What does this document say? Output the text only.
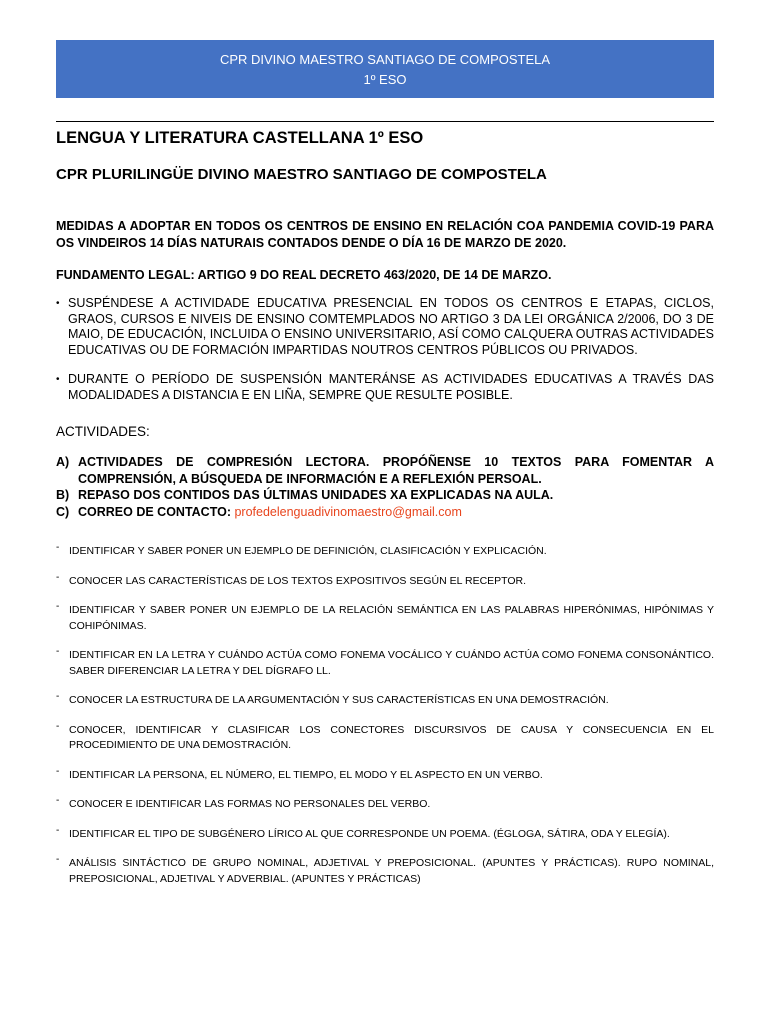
CPR DIVINO MAESTRO SANTIAGO DE COMPOSTELA
1º ESO
LENGUA Y LITERATURA CASTELLANA 1º ESO
CPR PLURILINGÜE DIVINO MAESTRO SANTIAGO DE COMPOSTELA

MEDIDAS A ADOPTAR EN TODOS OS CENTROS DE ENSINO EN RELACIÓN COA PANDEMIA COVID-19 PARA OS VINDEIROS 14 DÍAS NATURAIS CONTADOS DENDE O DÍA 16 DE MARZO DE 2020.

FUNDAMENTO LEGAL: ARTIGO 9 DO REAL DECRETO 463/2020, DE 14 DE MARZO.

• SUSPÉNDESE A ACTIVIDADE EDUCATIVA PRESENCIAL EN TODOS OS CENTROS E ETAPAS, CICLOS, GRAOS, CURSOS E NIVEIS DE ENSINO COMTEMPLADOS NO ARTIGO 3 DA LEI ORGÁNICA 2/2006, DO 3 DE MAIO, DE EDUCACIÓN, INCLUIDA O ENSINO UNIVERSITARIO, ASÍ COMO CALQUERA OUTRAS ACTIVIDADES EDUCATIVAS OU DE FORMACIÓN IMPARTIDAS NOUTROS CENTROS PÚBLICOS OU PRIVADOS.
• DURANTE O PERÍODO DE SUSPENSIÓN MANTERÁNSE AS ACTIVIDADES EDUCATIVAS A TRAVÉS DAS MODALIDADES A DISTANCIA E EN LIÑA, SEMPRE QUE RESULTE POSIBLE.
ACTIVIDADES:
A) ACTIVIDADES DE COMPRESIÓN LECTORA. PROPÓÑENSE 10 TEXTOS PARA FOMENTAR A COMPRENSIÓN, A BÚSQUEDA DE INFORMACIÓN E A REFLEXIÓN PERSOAL.
B) REPASO DOS CONTIDOS DAS ÚLTIMAS UNIDADES XA EXPLICADAS NA AULA.
C) CORREO DE CONTACTO: profedelenguadivinomaestro@gmail.com
- IDENTIFICAR Y SABER PONER UN EJEMPLO DE DEFINICIÓN, CLASIFICACIÓN Y EXPLICACIÓN.
- CONOCER LAS CARACTERÍSTICAS DE LOS TEXTOS EXPOSITIVOS SEGÚN EL RECEPTOR.
- IDENTIFICAR Y SABER PONER UN EJEMPLO DE LA RELACIÓN SEMÁNTICA EN LAS PALABRAS HIPERÓNIMAS, HIPÓNIMAS Y COHIPÓNIMAS.
- IDENTIFICAR EN LA LETRA Y CUÁNDO ACTÚA COMO FONEMA VOCÁLICO Y CUÁNDO ACTÚA COMO FONEMA CONSONÁNTICO. SABER DIFERENCIAR LA LETRA Y DEL DÍGRAFO LL.
- CONOCER LA ESTRUCTURA DE LA ARGUMENTACIÓN Y SUS CARACTERÍSTICAS EN UNA DEMOSTRACIÓN.
- CONOCER, IDENTIFICAR Y CLASIFICAR LOS CONECTORES DISCURSIVOS DE CAUSA Y CONSECUENCIA EN EL PROCEDIMIENTO DE UNA DEMOSTRACIÓN.
- IDENTIFICAR LA PERSONA, EL NÚMERO, EL TIEMPO, EL MODO Y EL ASPECTO EN UN VERBO.
- CONOCER E IDENTIFICAR LAS FORMAS NO PERSONALES DEL VERBO.
- IDENTIFICAR EL TIPO DE SUBGÉNERO LÍRICO AL QUE CORRESPONDE UN POEMA. (ÉGLOGA, SÁTIRA, ODA Y ELEGÍA).
- ANÁLISIS SINTÁCTICO DE GRUPO NOMINAL, ADJETIVAL Y PREPOSICIONAL. (APUNTES Y PRÁCTICAS). RUPO NOMINAL, PREPOSICIONAL, ADJETIVAL Y ADVERBIAL. (APUNTES Y PRÁCTICAS)
